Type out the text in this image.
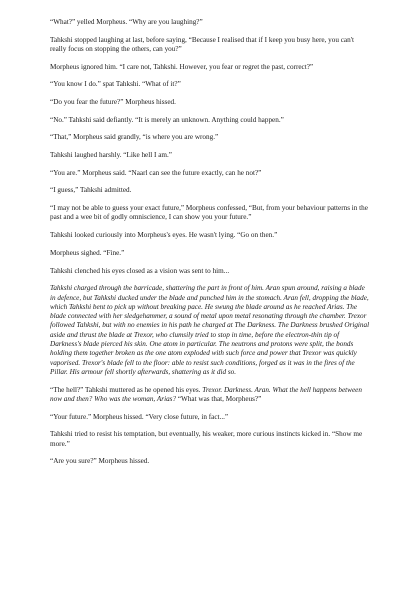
“What?” yelled Morpheus. “Why are you laughing?”

Tahkshi stopped laughing at last, before saying, “Because I realised that if I keep you busy here, you can't really focus on stopping the others, can you?”

Morpheus ignored him. “I care not, Tahkshi. However, you fear or regret the past, correct?”

“You know I do.” spat Tahkshi. “What of it?”

“Do you fear the future?” Morpheus hissed.

“No.” Tahkshi said defiantly. “It is merely an unknown. Anything could happen.”

“That,” Morpheus said grandly, “is where you are wrong.”

Tahkshi laughed harshly. “Like hell I am.”

“You are.” Morpheus said. “Naarl can see the future exactly, can he not?”

“I guess,” Tahkshi admitted.

“I may not be able to guess your exact future,” Morpheus confessed, “But, from your behaviour patterns in the past and a wee bit of godly omniscience, I can show you your future.”

Tahkshi looked curiously into Morpheus's eyes. He wasn't lying. “Go on then.”

Morpheus sighed. “Fine.”

Tahkshi clenched his eyes closed as a vision was sent to him...

Tahkshi charged through the barricade, shattering the part in front of him. Aran spun around, raising a blade in defence, but Tahkshi ducked under the blade and punched him in the stomach. Aran fell, dropping the blade, which Tahkshi bent to pick up without breaking pace. He swung the blade around as he reached Arias. The blade connected with her sledgehammer, a sound of metal upon metal resonating through the chamber. Trexor followed Tahkshi, but with no enemies in his path he charged at The Darkness. The Darkness brushed Original aside and thrust the blade at Trexor, who clumsily tried to stop in time, before the electron-thin tip of Darkness's blade pierced his skin. One atom in particular. The neutrons and protons were split, the bonds holding them together broken as the one atom exploded with such force and power that Trexor was quickly vaporised. Trexor's blade fell to the floor: able to resist such conditions, forged as it was in the fires of the Pillar. His armour fell shortly afterwards, shattering as it did so.

“The hell?” Tahkshi muttered as he opened his eyes. Trexor. Darkness. Aran. What the hell happens between now and then? Who was the woman, Arias? “What was that, Morpheus?”

“Your future.” Morpheus hissed. “Very close future, in fact...”

Tahkshi tried to resist his temptation, but eventually, his weaker, more curious instincts kicked in. “Show me more.”

“Are you sure?” Morpheus hissed.
